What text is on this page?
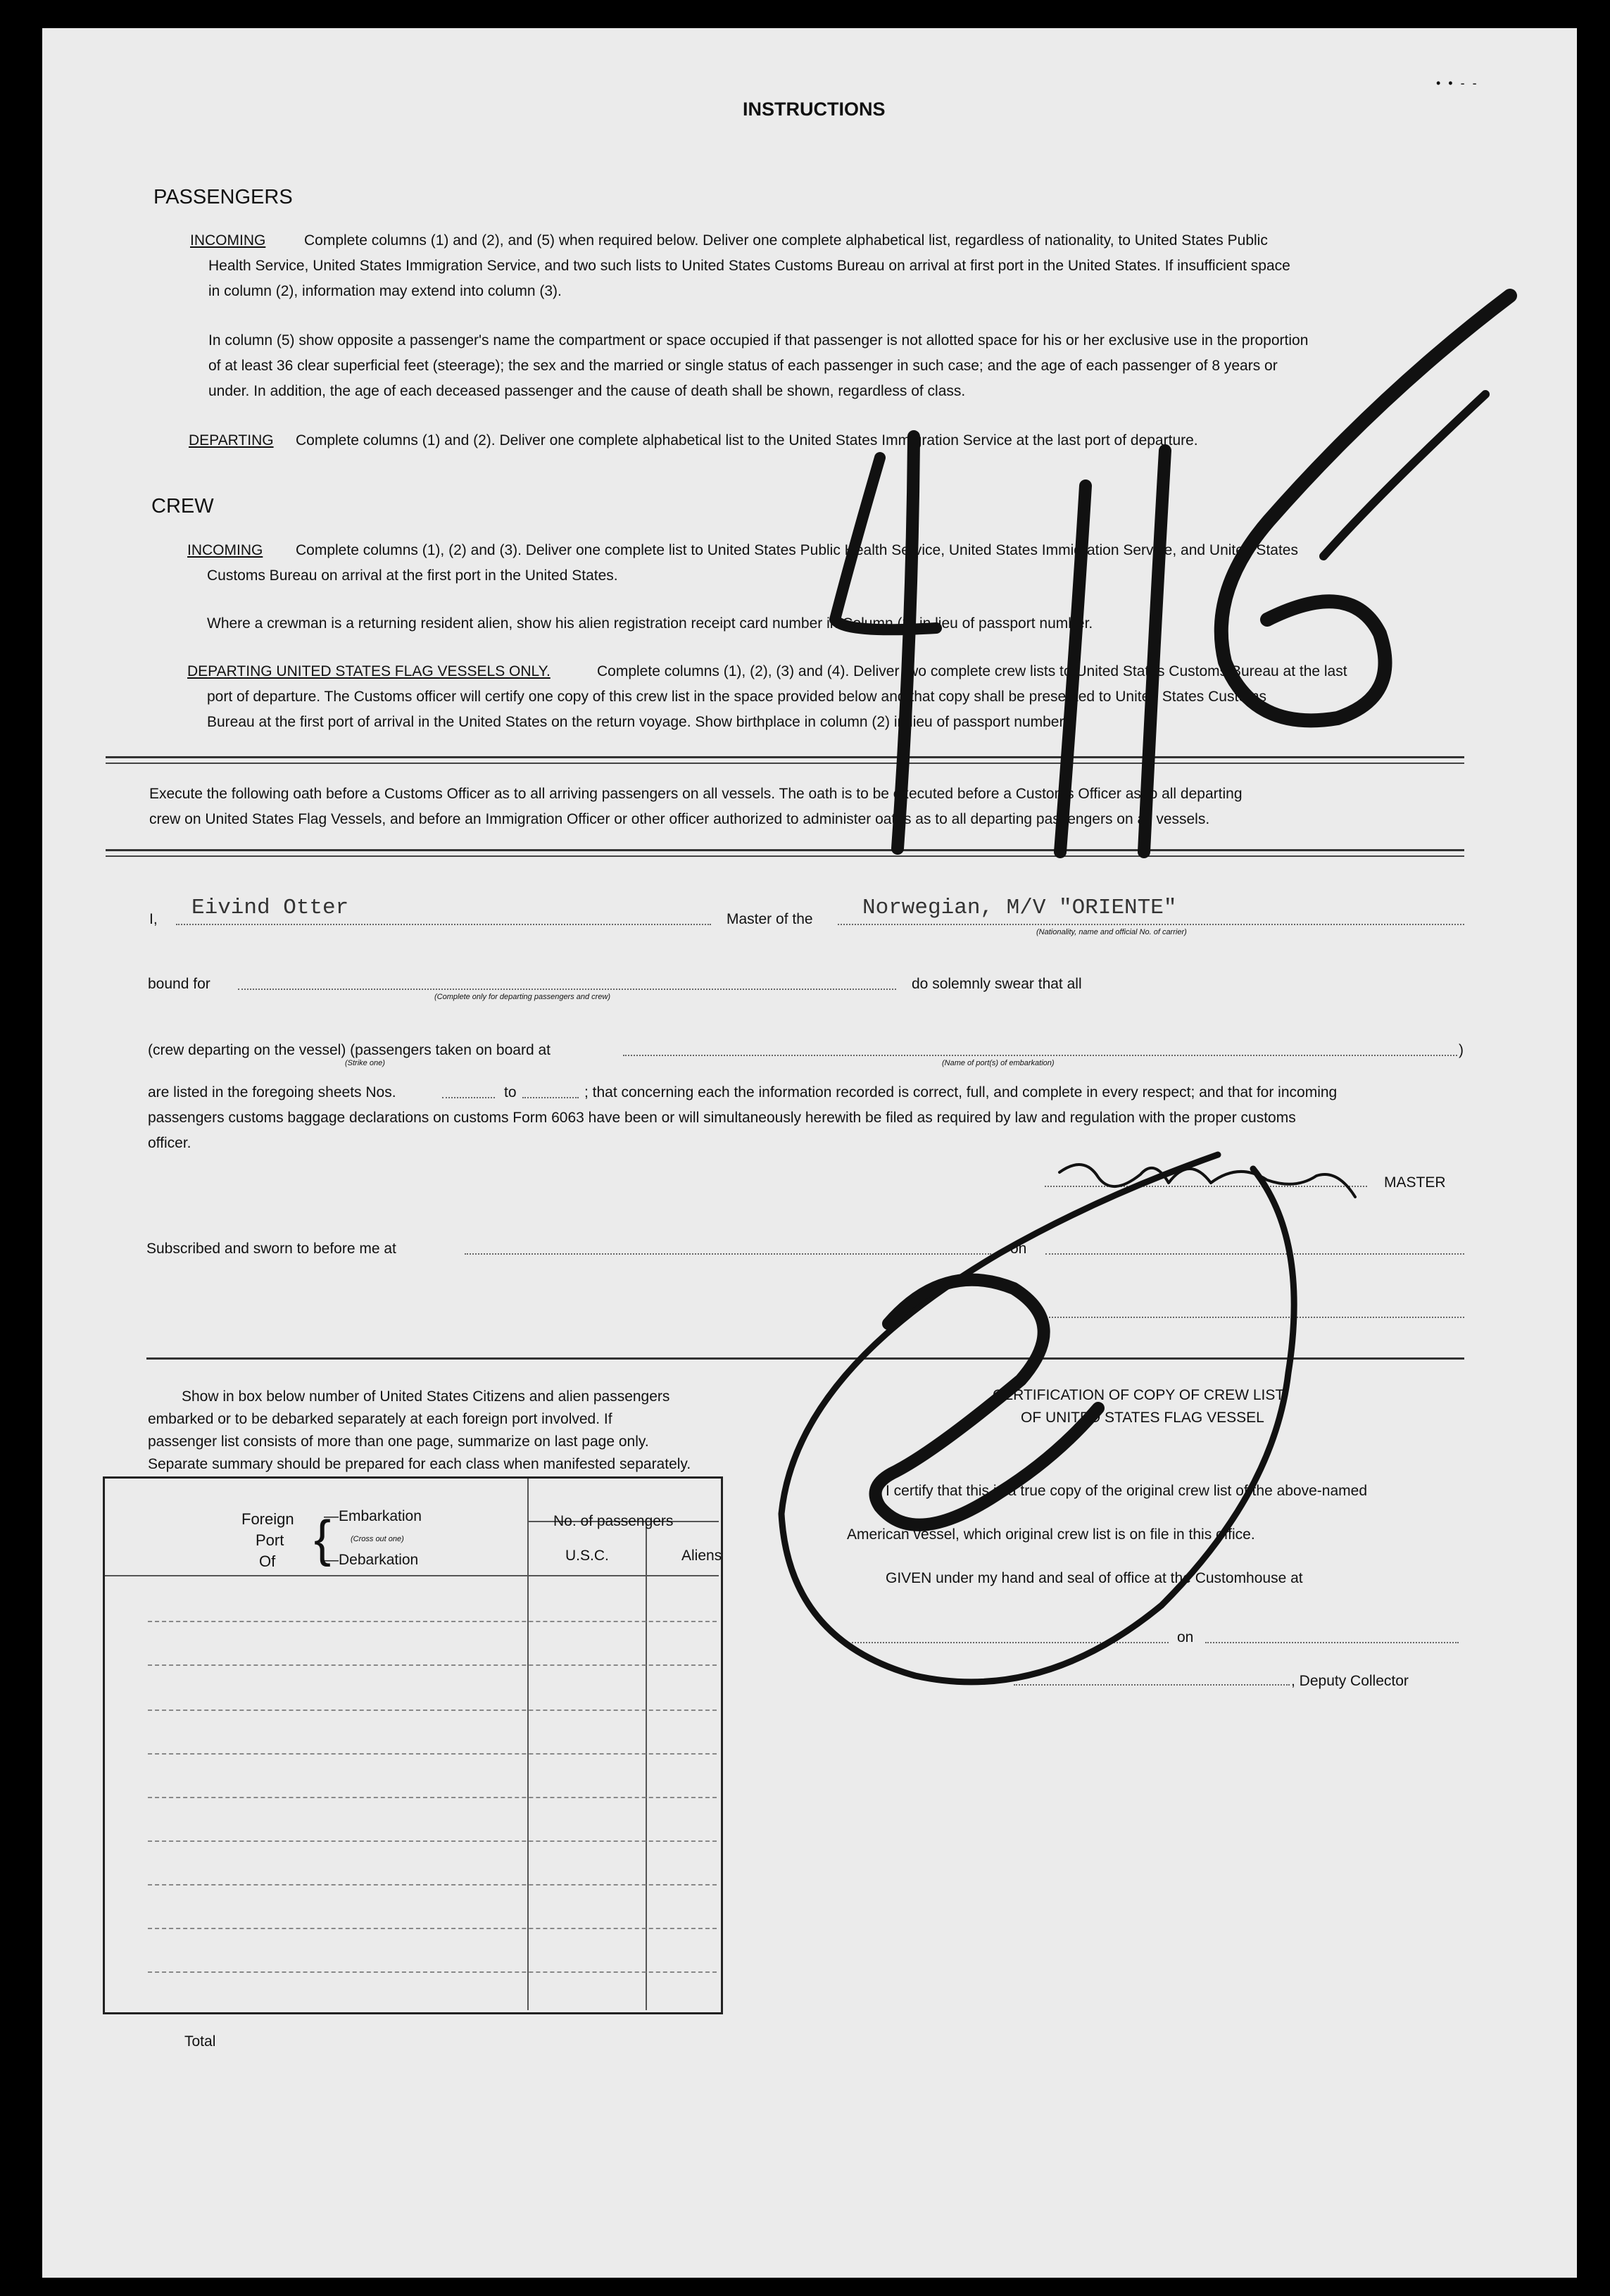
• • - -
INSTRUCTIONS
PASSENGERS
INCOMING	Complete columns (1) and (2), and (5) when required below. Deliver one complete alphabetical list, regardless of nationality, to United States Public
Health Service, United States Immigration Service, and two such lists to United States Customs Bureau on arrival at first port in the United States. If insufficient space
in column (2), information may extend into column (3).
In column (5) show opposite a passenger's name the compartment or space occupied if that passenger is not allotted space for his or her exclusive use in the proportion
of at least 36 clear superficial feet (steerage); the sex and the married or single status of each passenger in such case; and the age of each passenger of 8 years or
under. In addition, the age of each deceased passenger and the cause of death shall be shown, regardless of class.
DEPARTING Complete columns (1) and (2). Deliver one complete alphabetical list to the United States Immigration Service at the last port of departure.
CREW
INCOMING Complete columns (1), (2) and (3). Deliver one complete list to United States Public Health Service, United States Immigration Service, and United States
Customs Bureau on arrival at the first port in the United States.
Where a crewman is a returning resident alien, show his alien registration receipt card number in Column (2) in lieu of passport number.
DEPARTING UNITED STATES FLAG VESSELS ONLY.	Complete columns (1), (2), (3) and (4). Deliver two complete crew lists to United States Customs Bureau at the last
port of departure. The Customs officer will certify one copy of this crew list in the space provided below and that copy shall be presented to United States Customs
Bureau at the first port of arrival in the United States on the return voyage. Show birthplace in column (2) in lieu of passport number.
Execute the following oath before a Customs Officer as to all arriving passengers on all vessels. The oath is to be executed before a Customs Officer as to all departing
crew on United States Flag Vessels, and before an Immigration Officer or other officer authorized to administer oaths as to all departing passengers on all vessels.
I, Eivind Otter	Master of the Norwegian, M/V "ORIENTE"
(Nationality, name and official No. of carrier)
bound for
(Complete only for departing passengers and crew)
do solemnly swear that all
(crew departing on the vessel) (passengers taken on board at	)
(Strike one)	(Name of port(s) of embarkation)
are listed in the foregoing sheets Nos.	to	; that concerning each the information recorded is correct, full, and complete in every respect; and that for incoming
passengers customs baggage declarations on customs Form 6063 have been or will simultaneously herewith be filed as required by law and regulation with the proper customs
officer.
MASTER
Subscribed and sworn to before me at	on
Show in box below number of United States Citizens and alien passengers
embarked or to be debarked separately at each foreign port involved. If
passenger list consists of more than one page, summarize on last page only.
Separate summary should be prepared for each class when manifested separately.
Foreign
Port
Of {
—Embarkation
(Cross out one)
—Debarkation
No. of passengers
U.S.C.	Aliens
Total
CERTIFICATION OF COPY OF CREW LIST
OF UNITED STATES FLAG VESSEL
I certify that this is a true copy of the original crew list of the above-named
American vessel, which original crew list is on file in this office.
GIVEN under my hand and seal of office at the Customhouse at
on
, Deputy Collector
